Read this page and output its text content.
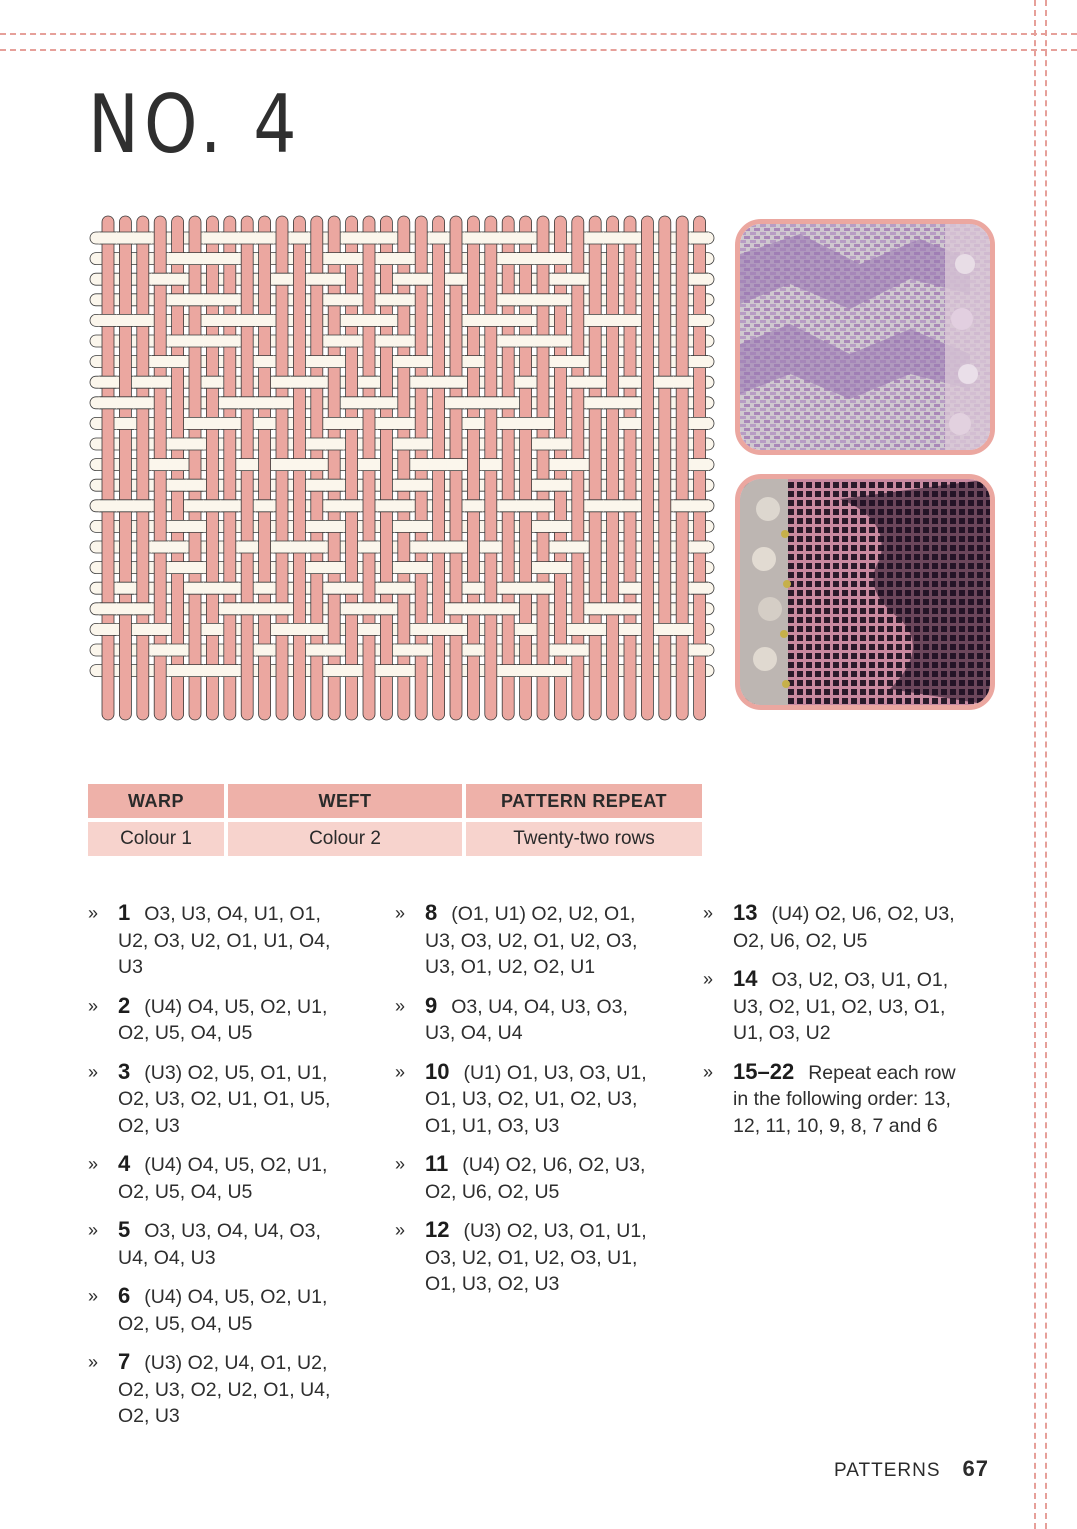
NO. 4
WARP	WEFT	PATTERN REPEAT
Colour 1	Colour 2	Twenty-two rows
» 1 O3, U3, O4, U1, O1, U2, O3, U2, O1, U1, O4, U3
» 2 (U4) O4, U5, O2, U1, O2, U5, O4, U5
» 3 (U3) O2, U5, O1, U1, O2, U3, O2, U1, O1, U5, O2, U3
» 4 (U4) O4, U5, O2, U1, O2, U5, O4, U5
» 5 O3, U3, O4, U4, O3, U4, O4, U3
» 6 (U4) O4, U5, O2, U1, O2, U5, O4, U5
» 7 (U3) O2, U4, O1, U2, O2, U3, O2, U2, O1, U4, O2, U3
» 8 (O1, U1) O2, U2, O1, U3, O3, U2, O1, U2, O3, U3, O1, U2, O2, U1
» 9 O3, U4, O4, U3, O3, U3, O4, U4
» 10 (U1) O1, U3, O3, U1, O1, U3, O2, U1, O2, U3, O1, U1, O3, U3
» 11 (U4) O2, U6, O2, U3, O2, U6, O2, U5
» 12 (U3) O2, U3, O1, U1, O3, U2, O1, U2, O3, U1, O1, U3, O2, U3
» 13 (U4) O2, U6, O2, U3, O2, U6, O2, U5
» 14 O3, U2, O3, U1, O1, U3, O2, U1, O2, U3, O1, U1, O3, U2
» 15–22 Repeat each row in the following order: 13, 12, 11, 10, 9, 8, 7 and 6
PATTERNS 67
